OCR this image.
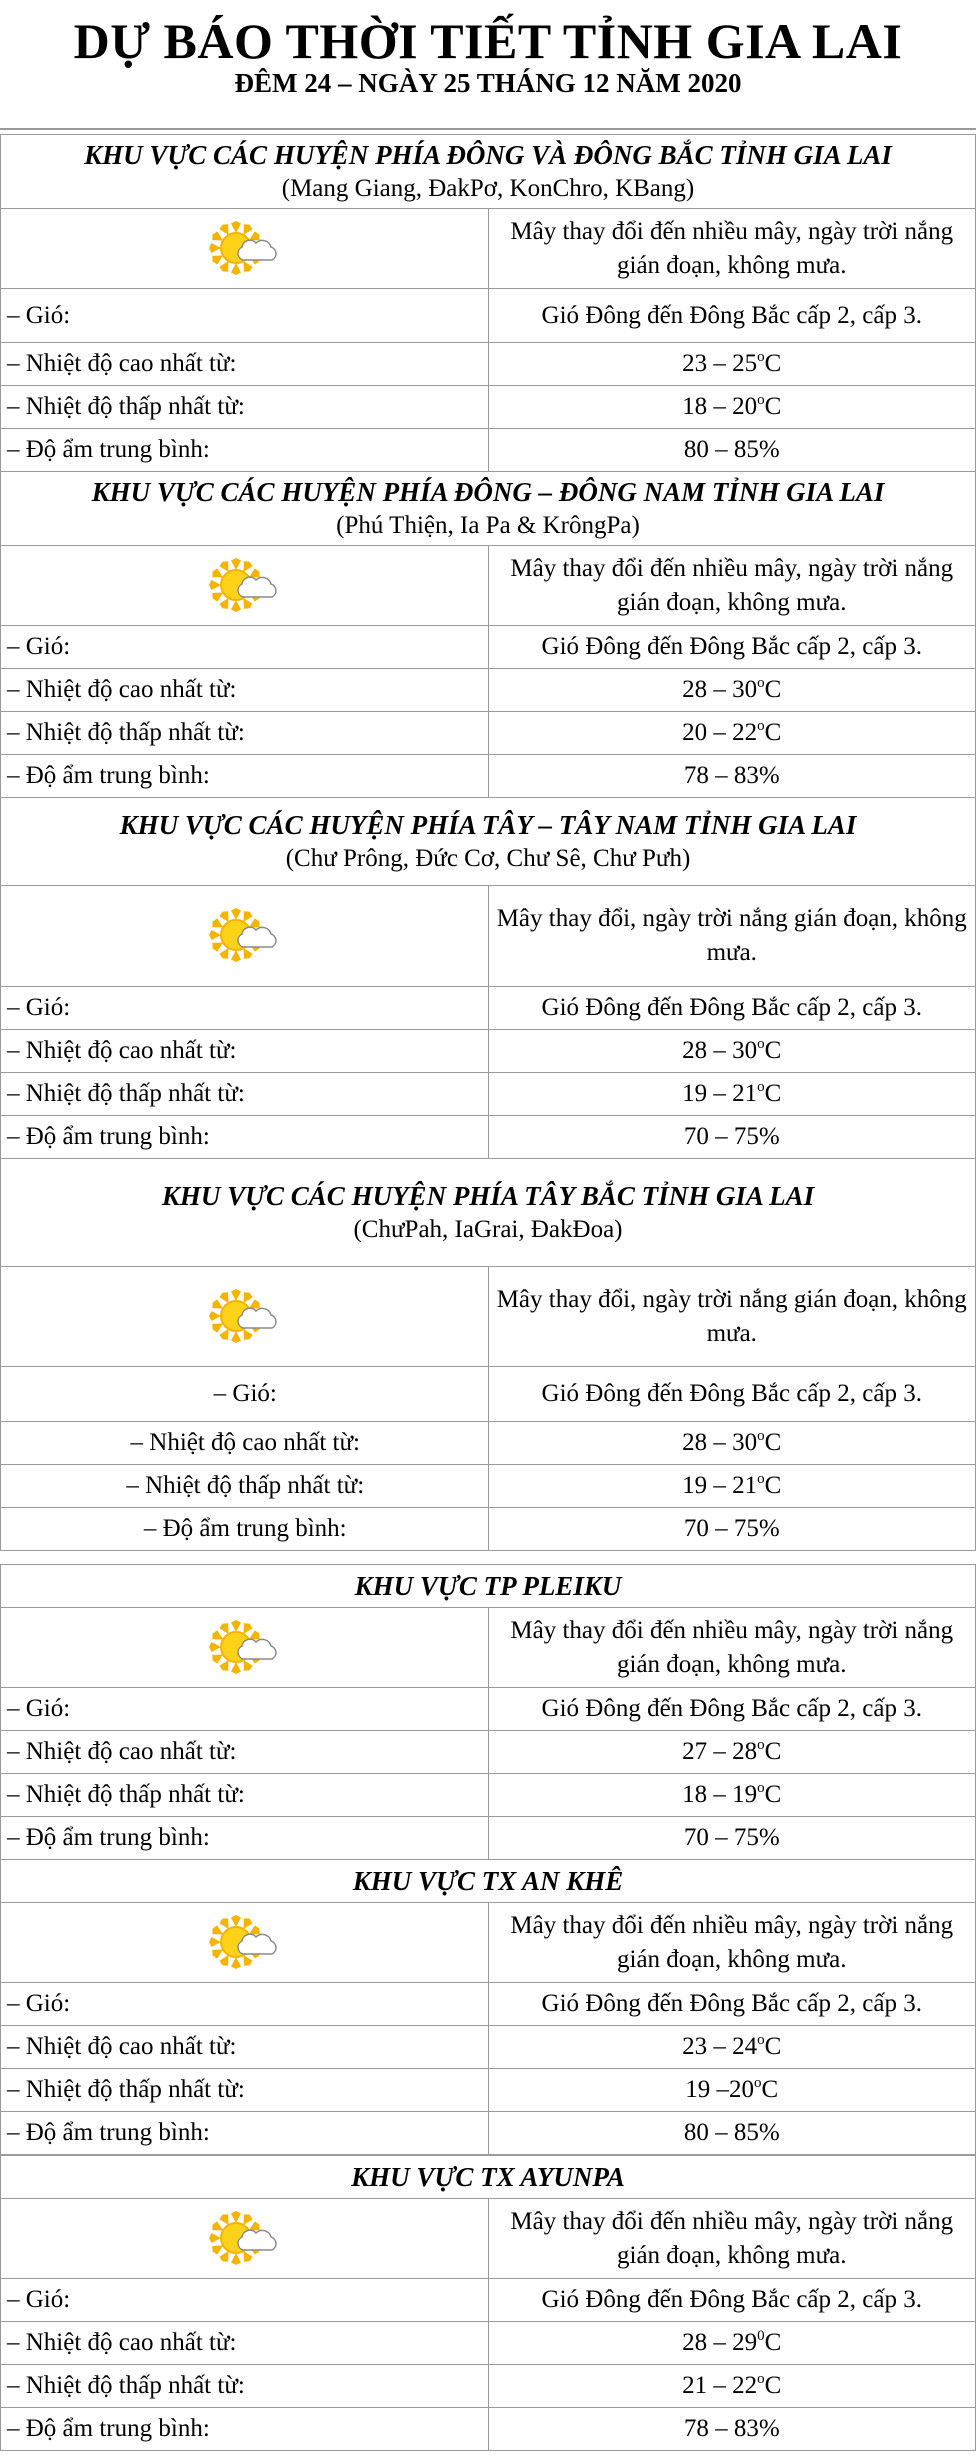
DỰ BÁO THỜI TIẾT TỈNH GIA LAI
ĐÊM 24 – NGÀY 25 THÁNG 12 NĂM 2020
KHU VỰC CÁC HUYỆN PHÍA ĐÔNG VÀ ĐÔNG BẮC TỈNH GIA LAI
(Mang Giang, ĐakPơ, KonChro, KBang)	

	Mây thay đổi đến nhiều mây, ngày trời nắng gián đoạn, không mưa.
– Gió:	Gió Đông đến Đông Bắc cấp 2, cấp 3.
– Nhiệt độ cao nhất từ:	23 – 25$^o$C
– Nhiệt độ thấp nhất từ:	18 – 20$^o$C
– Độ ẩm trung bình:	80 – 85%
KHU VỰC CÁC HUYỆN PHÍA ĐÔNG – ĐÔNG NAM TỈNH GIA LAI
(Phú Thiện, Ia Pa & KrôngPa)	

	Mây thay đổi đến nhiều mây, ngày trời nắng gián đoạn, không mưa.
– Gió:	Gió Đông đến Đông Bắc cấp 2, cấp 3.
– Nhiệt độ cao nhất từ:	28 – 30$^o$C
– Nhiệt độ thấp nhất từ:	20 – 22$^o$C
– Độ ẩm trung bình:	78 – 83%
KHU VỰC CÁC HUYỆN PHÍA TÂY – TÂY NAM TỈNH GIA LAI
(Chư Prông, Đức Cơ, Chư Sê, Chư Pưh)	

	Mây thay đổi, ngày trời nắng gián đoạn, không mưa.
– Gió:	Gió Đông đến Đông Bắc cấp 2, cấp 3.
– Nhiệt độ cao nhất từ:	28 – 30$^o$C
– Nhiệt độ thấp nhất từ:	19 – 21$^o$C
– Độ ẩm trung bình:	70 – 75%
KHU VỰC CÁC HUYỆN PHÍA TÂY BẮC TỈNH GIA LAI
(ChưPah, IaGrai, ĐakĐoa)	

	Mây thay đổi, ngày trời nắng gián đoạn, không mưa.
– Gió:	Gió Đông đến Đông Bắc cấp 2, cấp 3.
– Nhiệt độ cao nhất từ:	28 – 30$^o$C
– Nhiệt độ thấp nhất từ:	19 – 21$^o$C
– Độ ẩm trung bình:	70 – 75%
KHU VỰC TP PLEIKU	

	Mây thay đổi đến nhiều mây, ngày trời nắng gián đoạn, không mưa.
– Gió:	Gió Đông đến Đông Bắc cấp 2, cấp 3.
– Nhiệt độ cao nhất từ:	27 – 28$^o$C
– Nhiệt độ thấp nhất từ:	18 – 19$^o$C
– Độ ẩm trung bình:	70 – 75%
KHU VỰC TX AN KHÊ	

	Mây thay đổi đến nhiều mây, ngày trời nắng gián đoạn, không mưa.
– Gió:	Gió Đông đến Đông Bắc cấp 2, cấp 3.
– Nhiệt độ cao nhất từ:	23 – 24$^o$C
– Nhiệt độ thấp nhất từ:	19 –20$^o$C
– Độ ẩm trung bình:	80 – 85%
KHU VỰC TX AYUNPA	

	Mây thay đổi đến nhiều mây, ngày trời nắng gián đoạn, không mưa.
– Gió:	Gió Đông đến Đông Bắc cấp 2, cấp 3.
– Nhiệt độ cao nhất từ:	$28 - 29^0C$
– Nhiệt độ thấp nhất từ:	21 – 22$^o$C
– Độ ẩm trung bình:	78 – 83%
